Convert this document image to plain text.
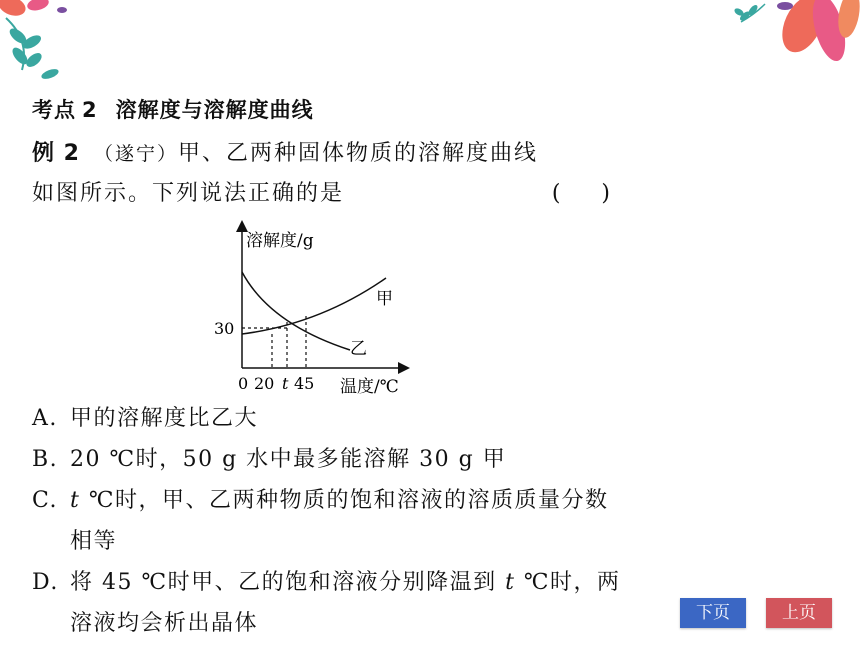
考点 2 溶解度与溶解度曲线
例 2 （遂宁）甲、乙两种固体物质的溶解度曲线
如图所示。下列说法正确的是	( )
溶解度/g
温度/℃
30
0 20 t 45
甲
乙
A. 甲的溶解度比乙大
B. 20 ℃时，50 g 水中最多能溶解 30 g 甲
C. t ℃时，甲、乙两种物质的饱和溶液的溶质质量分数相等
D. 将 45 ℃时甲、乙的饱和溶液分别降温到 t ℃时，两溶液均会析出晶体	下页	上页
